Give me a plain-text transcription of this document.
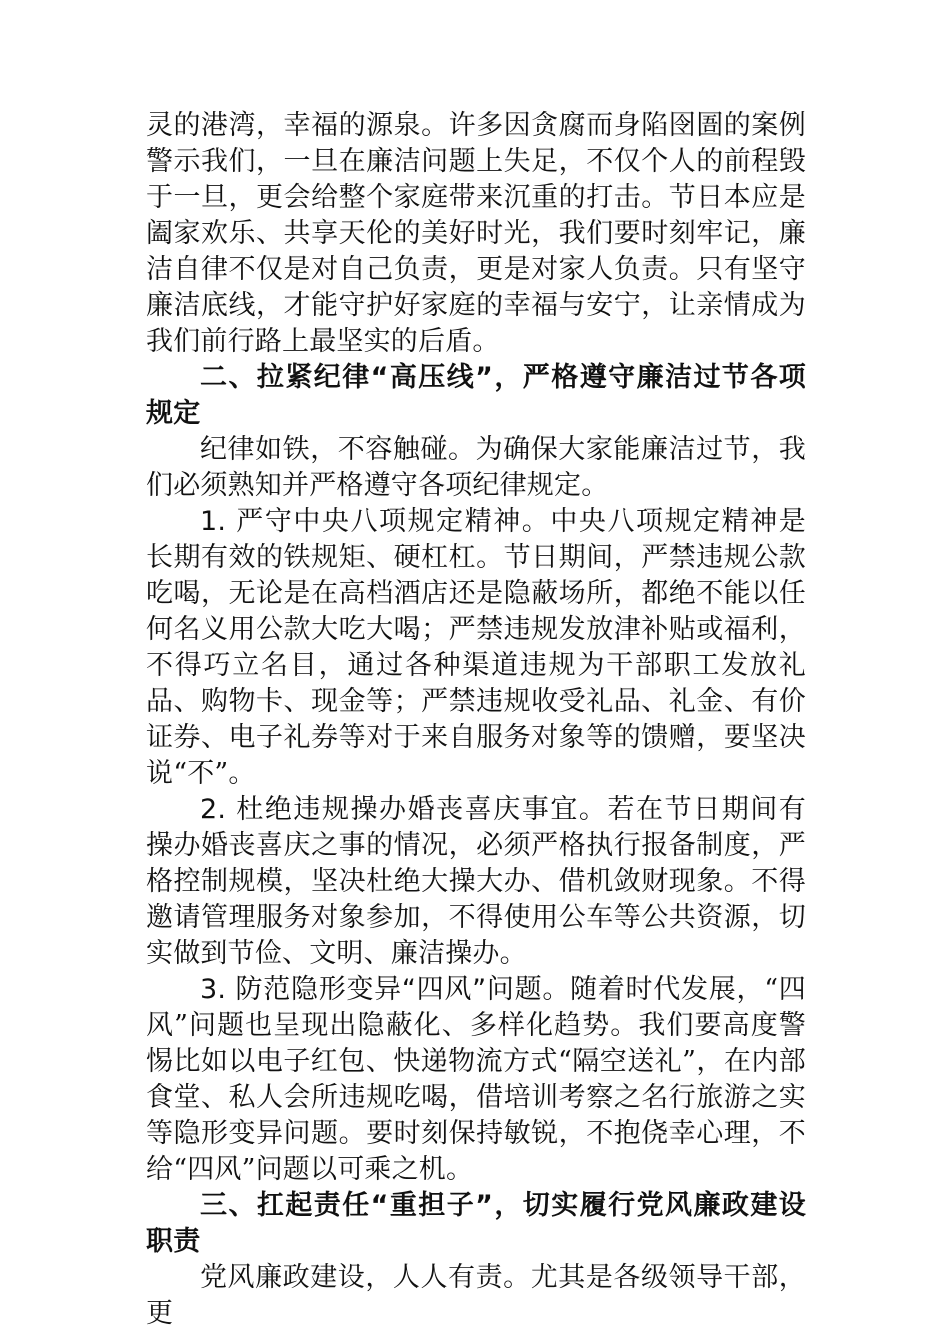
灵的港湾，幸福的源泉。许多因贪腐而身陷囹圄的案例警示我们，一旦在廉洁问题上失足，不仅个人的前程毁于一旦，更会给整个家庭带来沉重的打击。节日本应是阖家欢乐、共享天伦的美好时光，我们要时刻牢记，廉洁自律不仅是对自己负责，更是对家人负责。只有坚守廉洁底线，才能守护好家庭的幸福与安宁，让亲情成为我们前行路上最坚实的后盾。

二、拉紧纪律“高压线”，严格遵守廉洁过节各项规定

纪律如铁，不容触碰。为确保大家能廉洁过节，我们必须熟知并严格遵守各项纪律规定。

1. 严守中央八项规定精神。中央八项规定精神是长期有效的铁规矩、硬杠杠。节日期间，严禁违规公款吃喝，无论是在高档酒店还是隐蔽场所，都绝不能以任何名义用公款大吃大喝；严禁违规发放津补贴或福利，不得巧立名目，通过各种渠道违规为干部职工发放礼品、购物卡、现金等；严禁违规收受礼品、礼金、有价证券、电子礼券等对于来自服务对象等的馈赠，要坚决说“不”。

2. 杜绝违规操办婚丧喜庆事宜。若在节日期间有操办婚丧喜庆之事的情况，必须严格执行报备制度，严格控制规模，坚决杜绝大操大办、借机敛财现象。不得邀请管理服务对象参加，不得使用公车等公共资源，切实做到节俭、文明、廉洁操办。

3. 防范隐形变异“四风”问题。随着时代发展，“四风”问题也呈现出隐蔽化、多样化趋势。我们要高度警惕比如以电子红包、快递物流方式“隔空送礼”，在内部食堂、私人会所违规吃喝，借培训考察之名行旅游之实等隐形变异问题。要时刻保持敏锐，不抱侥幸心理，不给“四风”问题以可乘之机。

三、扛起责任“重担子”，切实履行党风廉政建设职责

党风廉政建设，人人有责。尤其是各级领导干部，更
